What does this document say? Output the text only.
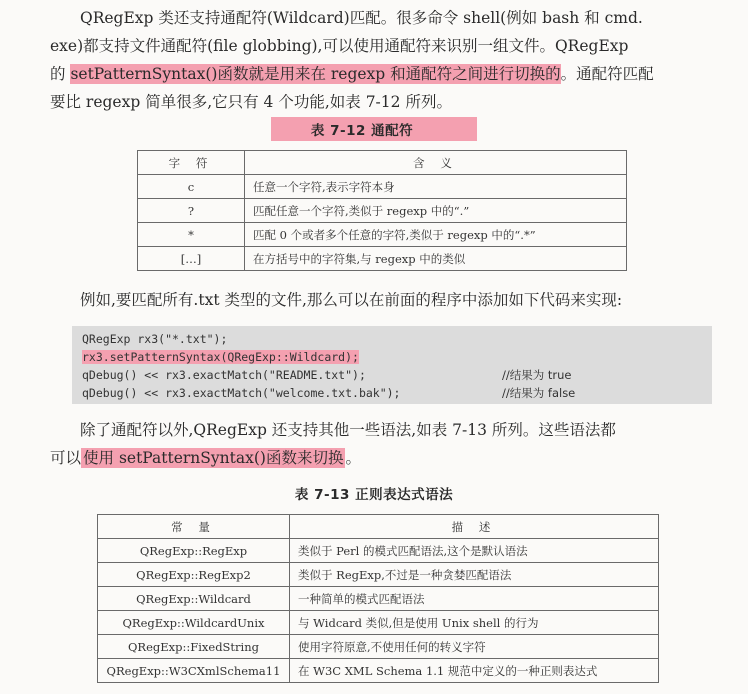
QRegExp 类还支持通配符(Wildcard)匹配。很多命令 shell(例如 bash 和 cmd.
exe)都支持文件通配符(file globbing),可以使用通配符来识别一组文件。QRegExp
的 setPatternSyntax()函数就是用来在 regexp 和通配符之间进行切换的。通配符匹配
要比 regexp 简单很多,它只有 4 个功能,如表 7-12 所列。
表 7-12 通配符
字 符	含 义
c	任意一个字符,表示字符本身
?	匹配任意一个字符,类似于 regexp 中的“.”
*	匹配 0 个或者多个任意的字符,类似于 regexp 中的“.*”
[…]	在方括号中的字符集,与 regexp 中的类似
例如,要匹配所有.txt 类型的文件,那么可以在前面的程序中添加如下代码来实现:
QRegExp rx3("*.txt");
rx3.setPatternSyntax(QRegExp::Wildcard);
qDebug() << rx3.exactMatch("README.txt");	//结果为 true
qDebug() << rx3.exactMatch("welcome.txt.bak");	//结果为 false
除了通配符以外,QRegExp 还支持其他一些语法,如表 7-13 所列。这些语法都
可以 使用 setPatternSyntax()函数来切换 。
表 7-13 正则表达式语法
常 量	描 述
QRegExp::RegExp	类似于 Perl 的模式匹配语法,这个是默认语法
QRegExp::RegExp2	类似于 RegExp,不过是一种贪婪匹配语法
QRegExp::Wildcard	一种简单的模式匹配语法
QRegExp::WildcardUnix	与 Widcard 类似,但是使用 Unix shell 的行为
QRegExp::FixedString	使用字符原意,不使用任何的转义字符
QRegExp::W3CXmlSchema11	在 W3C XML Schema 1.1 规范中定义的一种正则表达式
